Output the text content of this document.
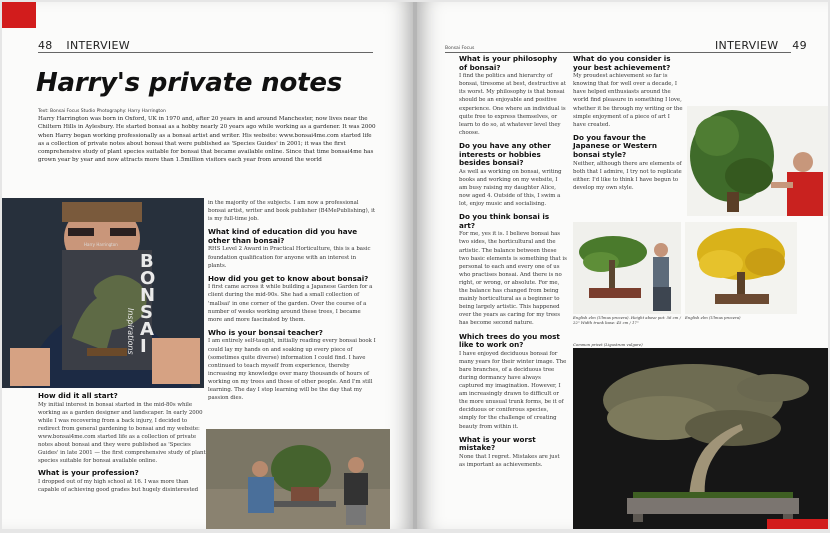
48 INTERVIEW
Harry's private notes
Text: Bonsai Focus Studio Photography: Harry Harrington
Harry Harrington was born in Oxford, UK in 1970 and, after 20 years in and around Manchester, now lives near the Chiltern Hills in Aylesbury. He started bonsai as a hobby nearly 20 years ago while working as a gardener. It was 2000 when Harry began working professionally as a bonsai artist and writer. His website: www.bonsai4me.com started life as a collection of private notes about bonsai that were published as 'Species Guides' in 2001; it was the first comprehensive study of plant species suitable for bonsai that became available online. Since that time bonsai4me has grown year by year and now attracts more than 1.5million visitors each year from around the world
Harry Harrington
BONSAI
Inspirations
How did it all start?
My initial interest in bonsai started in the mid-80s while working as a garden designer and landscaper. In early 2000 while I was recovering from a back injury, I decided to redirect from general gardening to bonsai and my website: www.bonsai4me.com started life as a collection of private notes about bonsai and they were published as 'Species Guides' in late 2001 — the first comprehensive study of plant species suitable for bonsai available online.
What is your profession?
I dropped out of my high school at 16. I was more than capable of achieving good grades but hugely disinterested
in the majority of the subjects. I am now a professional bonsai artist, writer and book publisher (B4MePublishing), it is my full-time job.
What kind of education did you have other than bonsai?
RHS Level 2 Award in Practical Horticulture, this is a basic foundation qualification for anyone with an interest in plants.
How did you get to know about bonsai?
I first came across it while building a Japanese Garden for a client during the mid-90s. She had a small collection of 'mallsai' in one corner of the garden. Over the course of a number of weeks working around these trees, I became more and more fascinated by them.
Who is your bonsai teacher?
I am entirely self-taught, initially reading every bonsai book I could lay my hands on and soaking up every piece of (sometimes quite diverse) information I could find. I have continued to teach myself from experience, thereby increasing my knowledge over many thousands of hours of working on my trees and those of other people. And I'm still learning. The day I stop learning will be the day that my passion dies.
Bonsai Focus	INTERVIEW 49
What is your philosophy of bonsai?
I find the politics and hierarchy of bonsai, tiresome at best, destructive at its worst. My philosophy is that bonsai should be an enjoyable and positive experience. One where an individual is quite free to express themselves, or learn to do so, at whatever level they choose.
Do you have any other interests or hobbies besides bonsai?
As well as working on bonsai, writing books and working on my website, I am busy raising my daughter Alice, now aged 4. Outside of this, I swim a lot, enjoy music and socialising.
Do you think bonsai is art?
For me, yes it is. I believe bonsai has two sides, the horticultural and the artistic. The balance between these two basic elements is something that is personal to each and every one of us who practises bonsai. And there is no right, or wrong, or absolute. For me, the balance has changed from being mainly horticultural as a beginner to being largely artistic. This happened over the years as caring for my trees has become second nature.
Which trees do you most like to work on?
I have enjoyed deciduous bonsai for many years for their winter image. The bare branches, of a deciduous tree during dormancy have always captured my imagination. However, I am increasingly drawn to difficult or the more unusual trunk forms, be it of deciduous or coniferous species, simply for the challenge of creating beauty from within it.
What is your worst mistake?
None that I regret. Mistakes are just as important as achievements.
What do you consider is your best achievement?
My proudest achievement so far is knowing that for well over a decade, I have helped enthusiasts around the world find pleasure in something I love, whether it be through my writing or the simple enjoyment of a piece of art I have created.
Do you favour the Japanese or Western bonsai style?
Neither, although there are elements of both that I admire, I try not to replicate either. I'd like to think I have begun to develop my own style.
English elm (Ulmus procera). Height above pot: 56 cm / 22" Width trunk base: 45 cm / 17"
English elm (Ulmus procera)
Common privet (Ligustrum vulgare)
